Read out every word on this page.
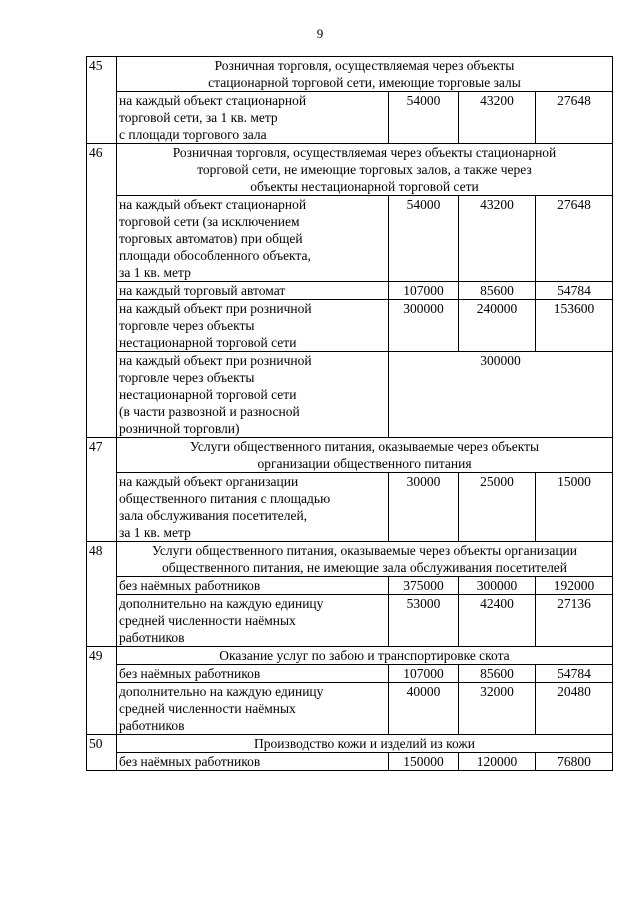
9
45	Розничная торговля, осуществляемая через объекты
стационарной торговой сети, имеющие торговые залы			
	на каждый объект стационарной
торговой сети, за 1 кв. метр
с площади торгового зала	54000	43200	27648
46	Розничная торговля, осуществляемая через объекты стационарной
торговой сети, не имеющие торговых залов, а также через
объекты нестационарной торговой сети			
	на каждый объект стационарной
торговой сети (за исключением
торговых автоматов) при общей
площади обособленного объекта,
за 1 кв. метр	54000	43200	27648
	на каждый торговый автомат	107000	85600	54784
	на каждый объект при розничной
торговле через объекты
нестационарной торговой сети	300000	240000	153600
	на каждый объект при розничной
торговле через объекты
нестационарной торговой сети
(в части развозной и разносной
розничной торговли)	300000		
47	Услуги общественного питания, оказываемые через объекты
организации общественного питания			
	на каждый объект организации
общественного питания с площадью
зала обслуживания посетителей,
за 1 кв. метр	30000	25000	15000
48	Услуги общественного питания, оказываемые через объекты организации
общественного питания, не имеющие зала обслуживания посетителей			
	без наёмных работников	375000	300000	192000
	дополнительно на каждую единицу
средней численности наёмных
работников	53000	42400	27136
49	Оказание услуг по забою и транспортировке скота			
	без наёмных работников	107000	85600	54784
	дополнительно на каждую единицу
средней численности наёмных
работников	40000	32000	20480
50	Производство кожи и изделий из кожи			
	без наёмных работников	150000	120000	76800
